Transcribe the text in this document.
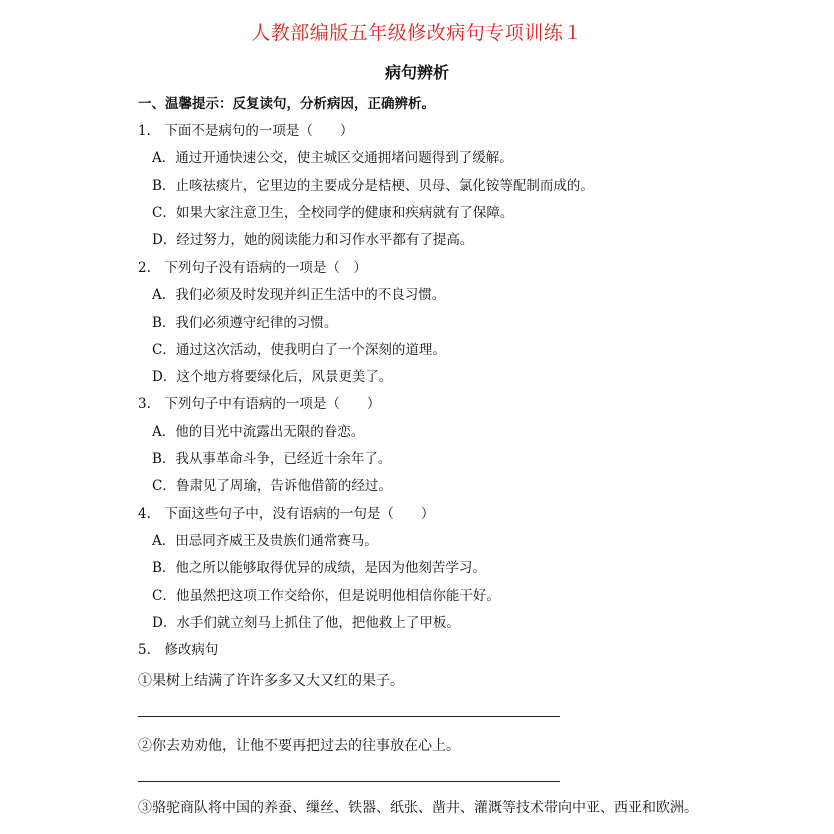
人教部编版五年级修改病句专项训练１
病句辨析
一、温馨提示：反复读句，分析病因，正确辨析。
1.　下面不是病句的一项是（　　）
A．通过开通快速公交，使主城区交通拥堵问题得到了缓解。
B．止咳祛痰片，它里边的主要成分是桔梗、贝母、氯化铵等配制而成的。
C．如果大家注意卫生，全校同学的健康和疾病就有了保障。
D．经过努力，她的阅读能力和习作水平都有了提高。
2.　下列句子没有语病的一项是（　）
A．我们必须及时发现并纠正生活中的不良习惯。
B．我们必须遵守纪律的习惯。
C．通过这次活动，使我明白了一个深刻的道理。
D．这个地方将要绿化后，风景更美了。
3.　下列句子中有语病的一项是（　　）
A．他的目光中流露出无限的眷恋。
B．我从事革命斗争，已经近十余年了。
C．鲁肃见了周瑜，告诉他借箭的经过。
4.　下面这些句子中，没有语病的一句是（　　）
A．田忌同齐威王及贵族们通常赛马。
B．他之所以能够取得优异的成绩，是因为他刻苦学习。
C．他虽然把这项工作交给你，但是说明他相信你能干好。
D．水手们就立刻马上抓住了他，把他救上了甲板。
5.　修改病句
①果树上结满了许许多多又大又红的果子。
②你去劝劝他，让他不要再把过去的往事放在心上。
③骆驼商队将中国的养蚕、缫丝、铁器、纸张、凿井、灌溉等技术带向中亚、西亚和欧洲。
